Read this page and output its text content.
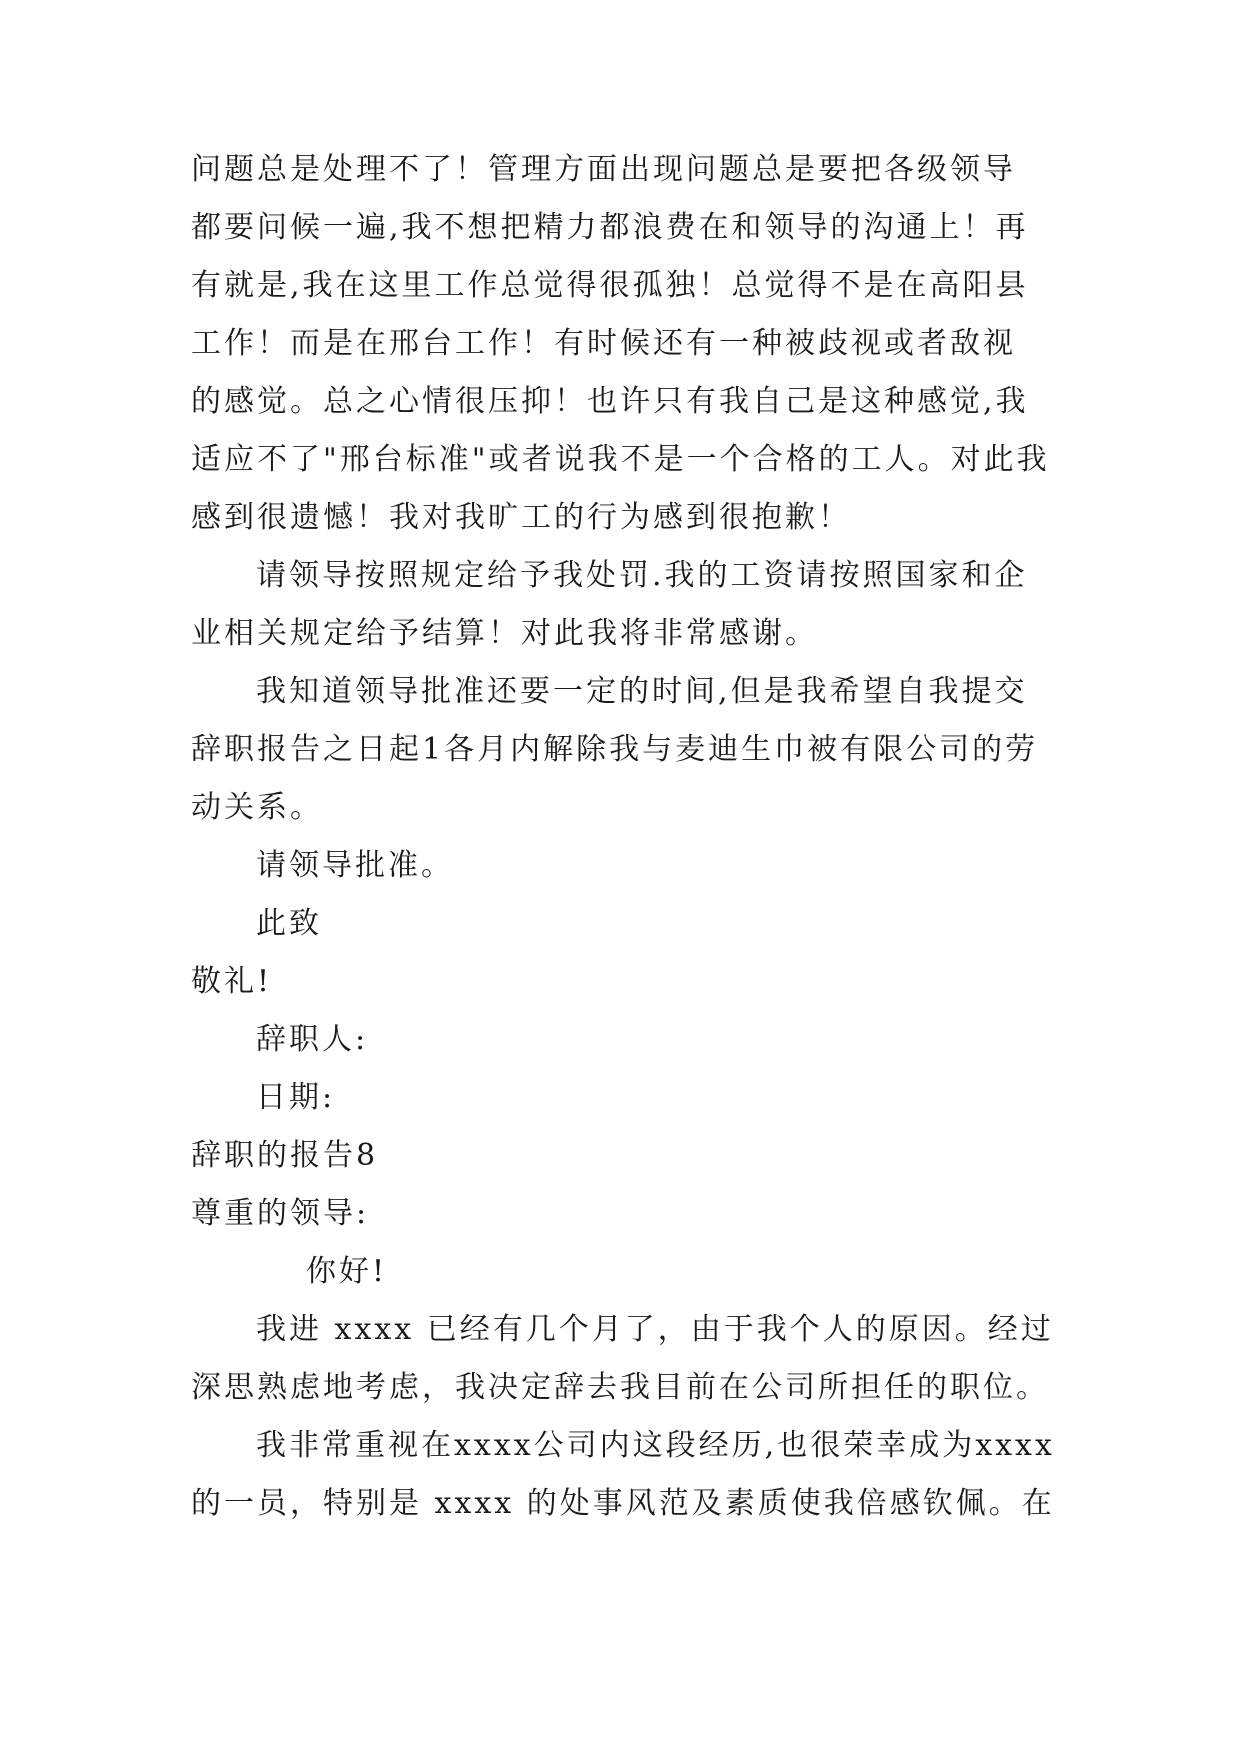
问题总是处理不了！管理方面出现问题总是要把各级领导
都要问候一遍,我不想把精力都浪费在和领导的沟通上！再
有就是,我在这里工作总觉得很孤独！总觉得不是在高阳县
工作！而是在邢台工作！有时候还有一种被歧视或者敌视
的感觉。总之心情很压抑！也许只有我自己是这种感觉,我
适应不了"邢台标准"或者说我不是一个合格的工人。对此我
感到很遗憾！我对我旷工的行为感到很抱歉！
请领导按照规定给予我处罚.我的工资请按照国家和企
业相关规定给予结算！对此我将非常感谢。
我知道领导批准还要一定的时间,但是我希望自我提交
辞职报告之日起1各月内解除我与麦迪生巾被有限公司的劳
动关系。
请领导批准。
此致
敬礼!
辞职人:
日期:
辞职的报告8
尊重的领导:
你好!
我进 xxxx 已经有几个月了，由于我个人的原因。经过
深思熟虑地考虑，我决定辞去我目前在公司所担任的职位。
我非常重视在xxxx公司内这段经历,也很荣幸成为xxxx
的一员，特别是 xxxx 的处事风范及素质使我倍感钦佩。在
